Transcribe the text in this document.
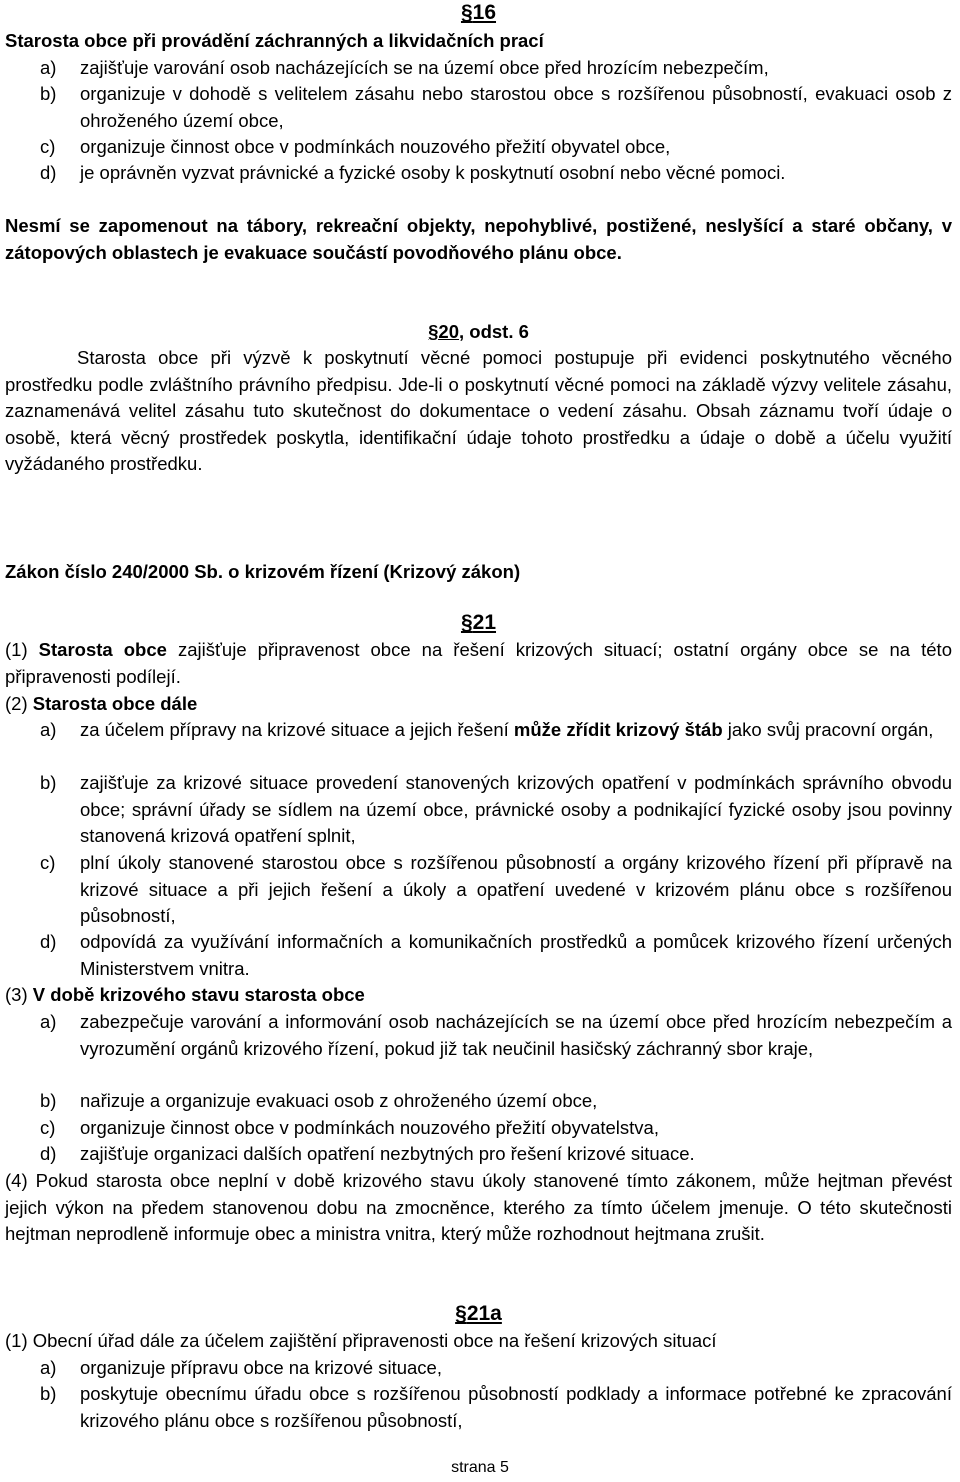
§16
Starosta obce při provádění záchranných a likvidačních prací
a)	zajišťuje varování osob nacházejících se na území obce před hrozícím nebezpečím,
b)	organizuje v dohodě s velitelem zásahu nebo starostou obce s rozšířenou působností, evakuaci osob z ohroženého území obce,
c)	organizuje činnost obce v podmínkách nouzového přežití obyvatel obce,
d)	je oprávněn vyzvat právnické a fyzické osoby k poskytnutí osobní nebo věcné pomoci.
Nesmí se zapomenout na tábory, rekreační objekty, nepohyblivé, postižené, neslyšící a staré občany, v zátopových oblastech je evakuace součástí povodňového plánu obce.
§20, odst. 6
Starosta obce při výzvě k poskytnutí věcné pomoci postupuje při evidenci poskytnutého věcného prostředku podle zvláštního právního předpisu. Jde-li o poskytnutí věcné pomoci na základě výzvy velitele zásahu, zaznamenává velitel zásahu tuto skutečnost do dokumentace o vedení zásahu. Obsah záznamu tvoří údaje o osobě, která věcný prostředek poskytla, identifikační údaje tohoto prostředku a údaje o době a účelu využití vyžádaného prostředku.
Zákon číslo 240/2000 Sb. o krizovém řízení (Krizový zákon)
§21
(1) Starosta obce zajišťuje připravenost obce na řešení krizových situací; ostatní orgány obce se na této připravenosti podílejí.
(2) Starosta obce dále
a)	za účelem přípravy na krizové situace a jejich řešení může zřídit krizový štáb jako svůj pracovní orgán,
b)	zajišťuje za krizové situace provedení stanovených krizových opatření v podmínkách správního obvodu obce; správní úřady se sídlem na území obce, právnické osoby a podnikající fyzické osoby jsou povinny stanovená krizová opatření splnit,
c)	plní úkoly stanovené starostou obce s rozšířenou působností a orgány krizového řízení při přípravě na krizové situace a při jejich řešení a úkoly a opatření uvedené v krizovém plánu obce s rozšířenou působností,
d)	odpovídá za využívání informačních a komunikačních prostředků a pomůcek krizového řízení určených Ministerstvem vnitra.
(3) V době krizového stavu starosta obce
a)	zabezpečuje varování a informování osob nacházejících se na území obce před hrozícím nebezpečím a vyrozumění orgánů krizového řízení, pokud již tak neučinil hasičský záchranný sbor kraje,
b)	nařizuje a organizuje evakuaci osob z ohroženého území obce,
c)	organizuje činnost obce v podmínkách nouzového přežití obyvatelstva,
d)	zajišťuje organizaci dalších opatření nezbytných pro řešení krizové situace.
(4) Pokud starosta obce neplní v době krizového stavu úkoly stanovené tímto zákonem, může hejtman převést jejich výkon na předem stanovenou dobu na zmocněnce, kterého za tímto účelem jmenuje. O této skutečnosti hejtman neprodleně informuje obec a ministra vnitra, který může rozhodnout hejtmana zrušit.
§21a
(1) Obecní úřad dále za účelem zajištění připravenosti obce na řešení krizových situací
a)	organizuje přípravu obce na krizové situace,
b)	poskytuje obecnímu úřadu obce s rozšířenou působností podklady a informace potřebné ke zpracování krizového plánu obce s rozšířenou působností,
strana 5
